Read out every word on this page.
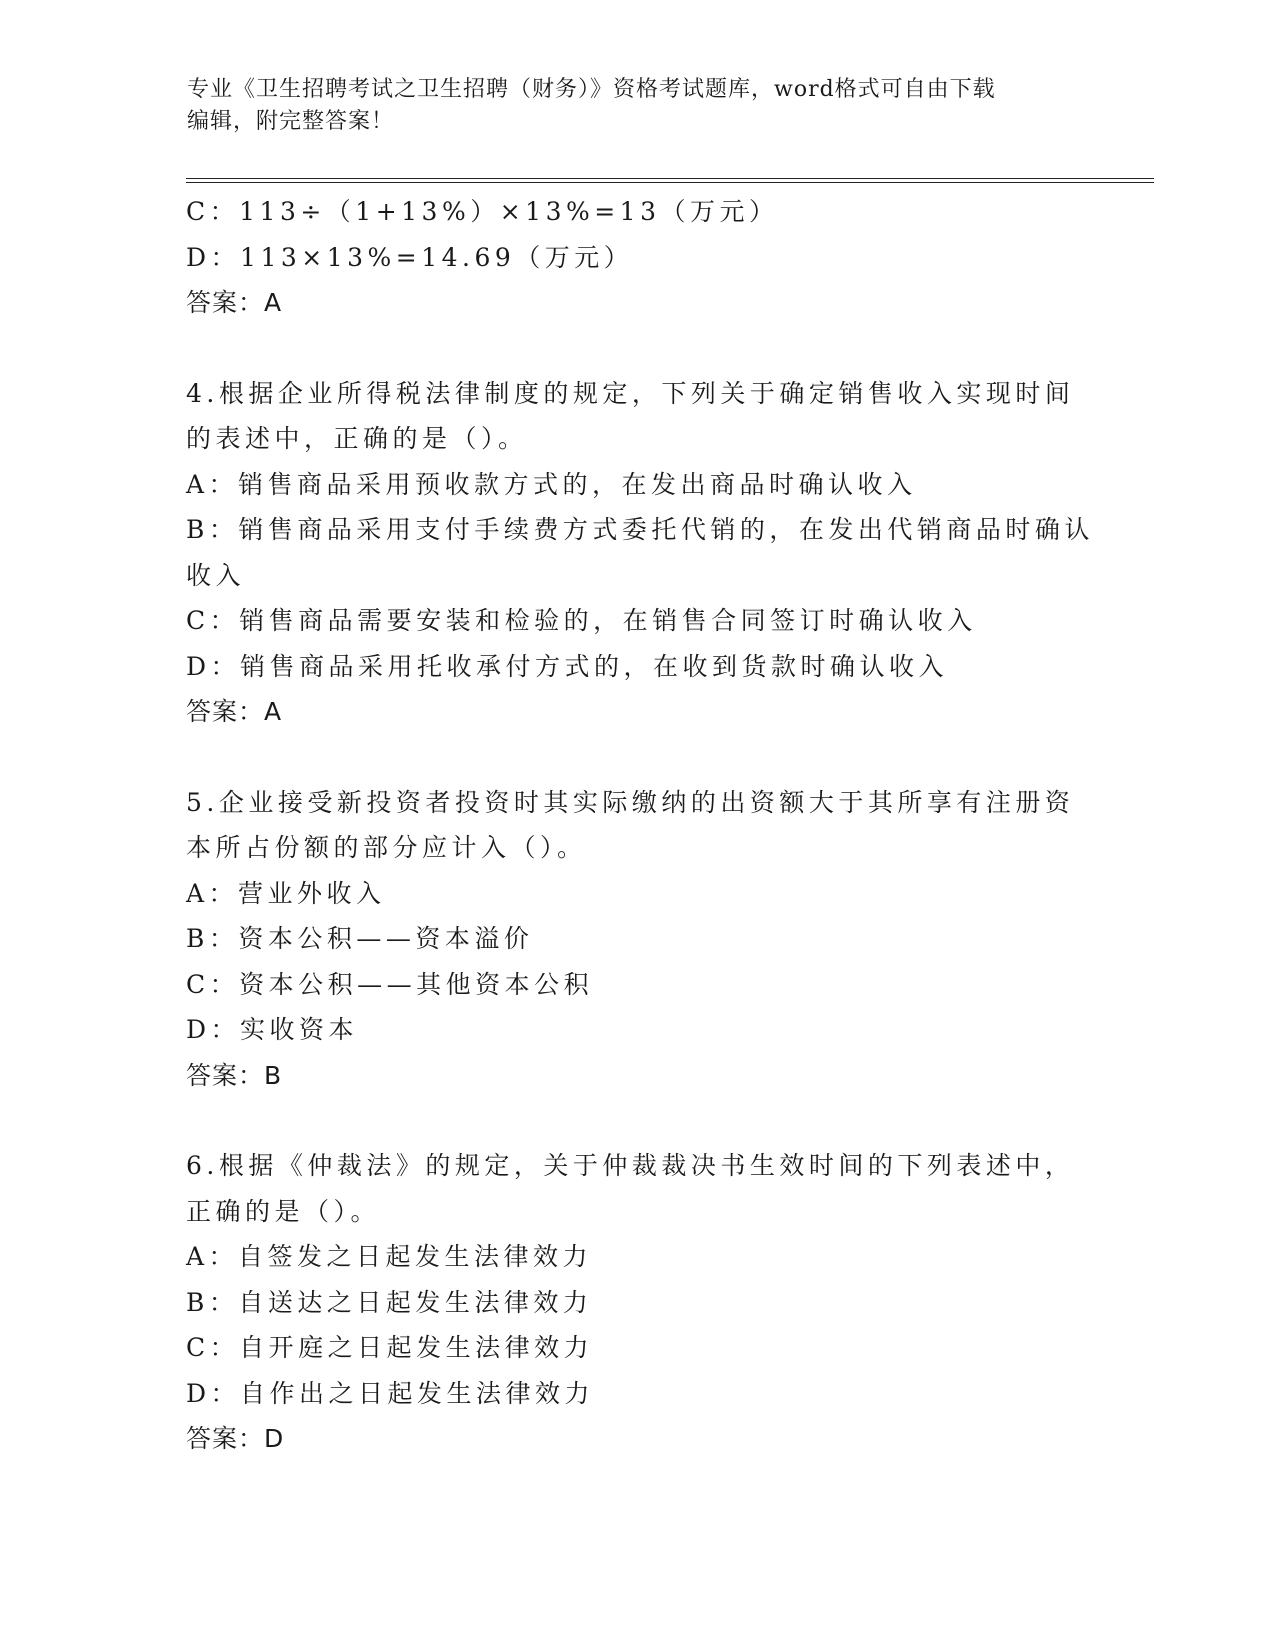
专业《卫生招聘考试之卫生招聘（财务）》资格考试题库，word格式可自由下载
编辑，附完整答案！
C：113÷（1+13%）×13%=13（万元）
D：113×13%=14.69（万元）
答案：A
4.根据企业所得税法律制度的规定，下列关于确定销售收入实现时间
的表述中，正确的是（）。
A：销售商品采用预收款方式的，在发出商品时确认收入
B：销售商品采用支付手续费方式委托代销的，在发出代销商品时确认
收入
C：销售商品需要安装和检验的，在销售合同签订时确认收入
D：销售商品采用托收承付方式的，在收到货款时确认收入
答案：A
5.企业接受新投资者投资时其实际缴纳的出资额大于其所享有注册资
本所占份额的部分应计入（）。
A：营业外收入
B：资本公积——资本溢价
C：资本公积——其他资本公积
D：实收资本
答案：B
6.根据《仲裁法》的规定，关于仲裁裁决书生效时间的下列表述中，
正确的是（）。
A：自签发之日起发生法律效力
B：自送达之日起发生法律效力
C：自开庭之日起发生法律效力
D：自作出之日起发生法律效力
答案：D
